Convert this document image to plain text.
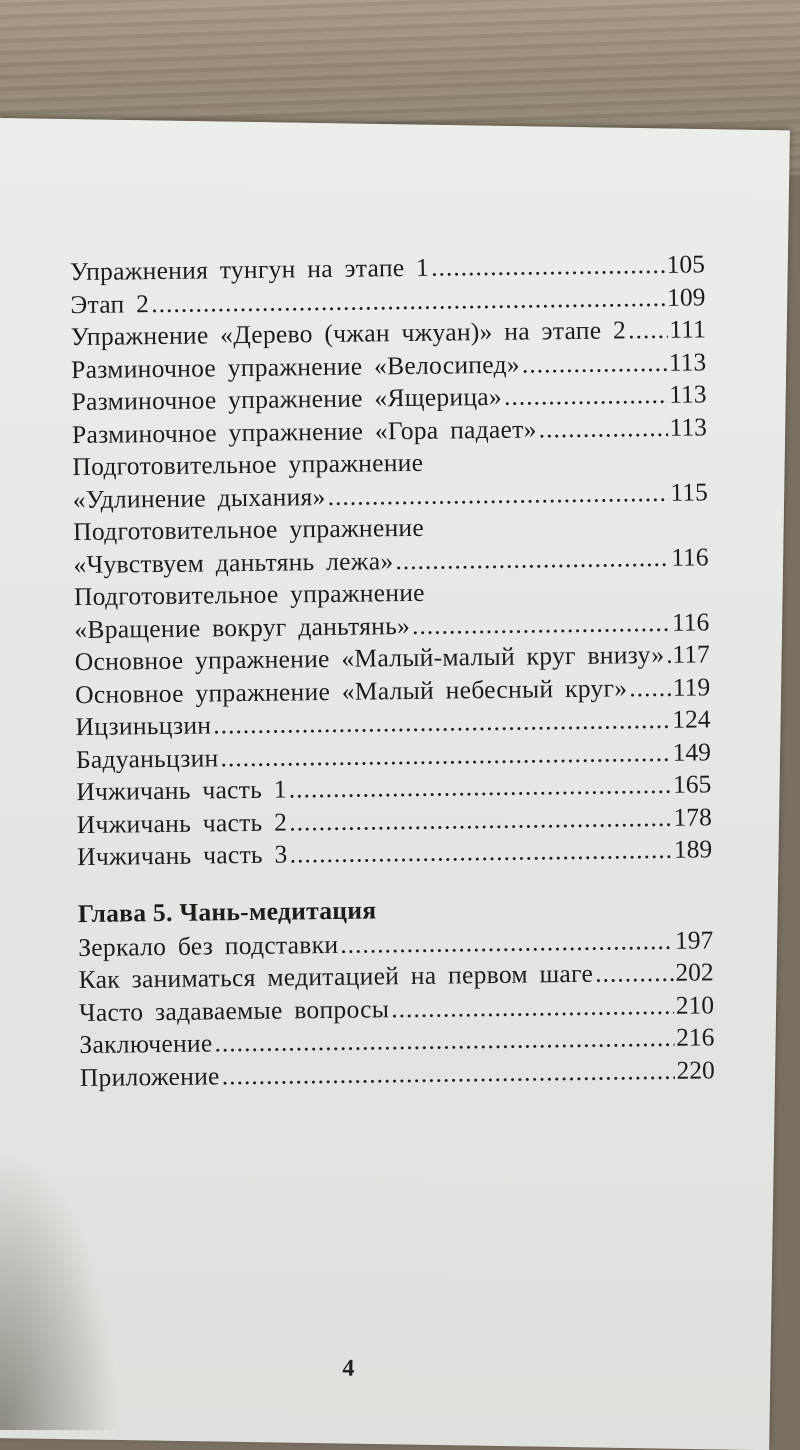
Упражнения тунгун на этапе 1 .....	105
Этап 2 .....	109
Упражнение «Дерево (чжан чжуан)» на этапе 2 ..... 111
Разминочное упражнение «Велосипед» .....	113
Разминочное упражнение «Ящерица» .....	113
Разминочное упражнение «Гора падает» .....	113
Подготовительное упражнение
«Удлинение дыхания» .....	115
Подготовительное упражнение
«Чувствуем даньтянь лежа» .....	116
Подготовительное упражнение
«Вращение вокруг даньтянь» .....	116
Основное упражнение «Малый-малый круг внизу» ..... 117
Основное упражнение «Малый небесный круг» ..... 119
Ицзиньцзин .....	124
Бадуаньцзин .....	149
Ичжичань часть 1 .....	165
Ичжичань часть 2 .....	178
Ичжичань часть 3 .....	189
Глава 5. Чань-медитация
Зеркало без подставки .....	197
Как заниматься медитацией на первом шаге .....	202
Часто задаваемые вопросы .....	210
Заключение .....	216
Приложение .....	220
4
